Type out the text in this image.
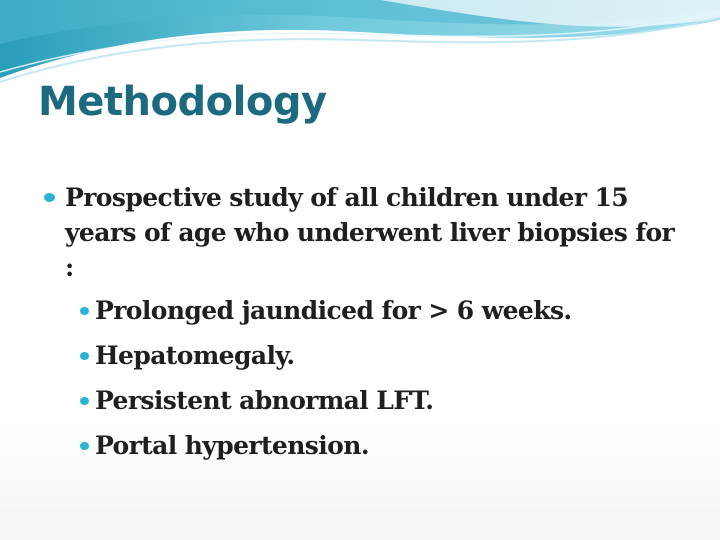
Methodology
Prospective study of all children under 15 years of age who underwent liver biopsies for :
Prolonged jaundiced for > 6 weeks.
Hepatomegaly.
Persistent abnormal LFT.
Portal hypertension.
